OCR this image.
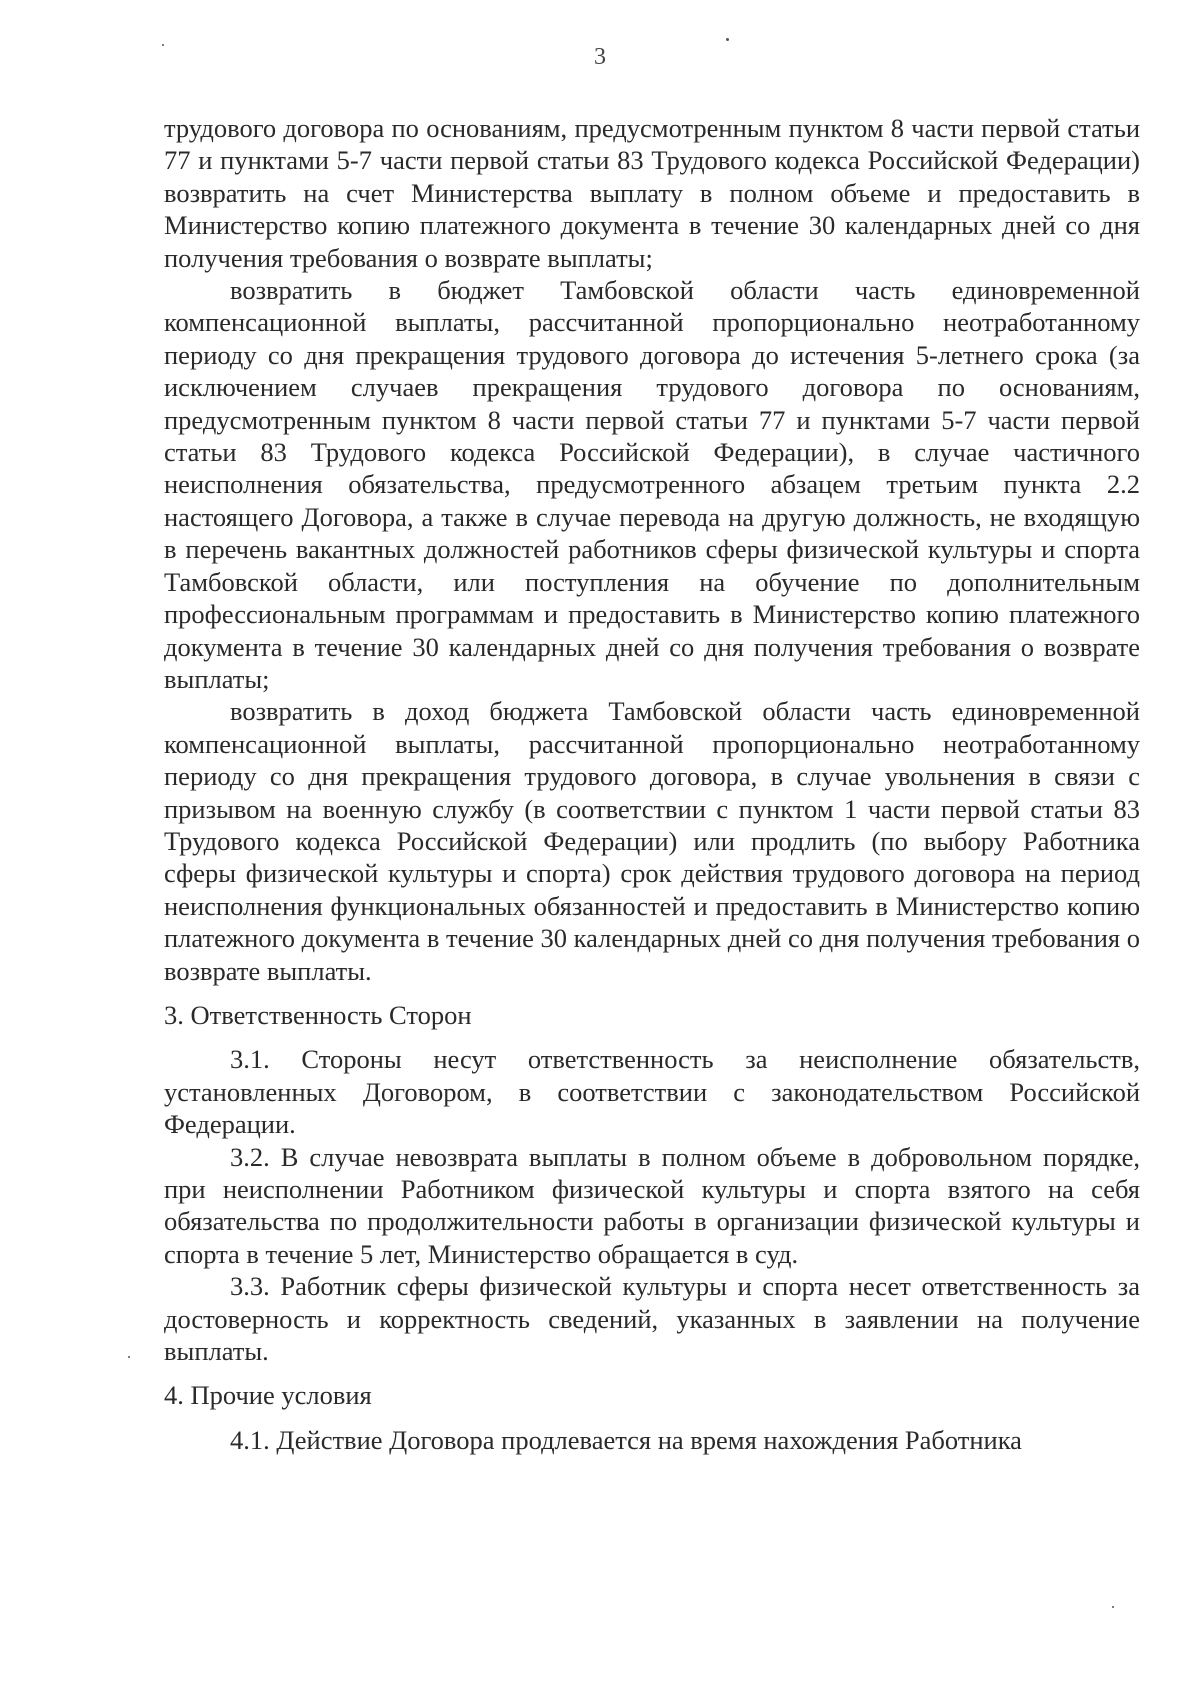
3

трудового договора по основаниям, предусмотренным пунктом 8 части первой статьи 77 и пунктами 5-7 части первой статьи 83 Трудового кодекса Российской Федерации) возвратить на счет Министерства выплату в полном объеме и предоставить в Министерство копию платежного документа в течение 30 календарных дней со дня получения требования о возврате выплаты;

возвратить в бюджет Тамбовской области часть единовременной компенсационной выплаты, рассчитанной пропорционально неотработанному периоду со дня прекращения трудового договора до истечения 5-летнего срока (за исключением случаев прекращения трудового договора по основаниям, предусмотренным пунктом 8 части первой статьи 77 и пунктами 5-7 части первой статьи 83 Трудового кодекса Российской Федерации), в случае частичного неисполнения обязательства, предусмотренного абзацем третьим пункта 2.2 настоящего Договора, а также в случае перевода на другую должность, не входящую в перечень вакантных должностей работников сферы физической культуры и спорта Тамбовской области, или поступления на обучение по дополнительным профессиональным программам и предоставить в Министерство копию платежного документа в течение 30 календарных дней со дня получения требования о возврате выплаты;

возвратить в доход бюджета Тамбовской области часть единовременной компенсационной выплаты, рассчитанной пропорционально неотработанному периоду со дня прекращения трудового договора, в случае увольнения в связи с призывом на военную службу (в соответствии с пунктом 1 части первой статьи 83 Трудового кодекса Российской Федерации) или продлить (по выбору Работника сферы физической культуры и спорта) срок действия трудового договора на период неисполнения функциональных обязанностей и предоставить в Министерство копию платежного документа в течение 30 календарных дней со дня получения требования о возврате выплаты.

3. Ответственность Сторон

3.1. Стороны несут ответственность за неисполнение обязательств, установленных Договором, в соответствии с законодательством Российской Федерации.

3.2. В случае невозврата выплаты в полном объеме в добровольном порядке, при неисполнении Работником физической культуры и спорта взятого на себя обязательства по продолжительности работы в организации физической культуры и спорта в течение 5 лет, Министерство обращается в суд.

3.3. Работник сферы физической культуры и спорта несет ответственность за достоверность и корректность сведений, указанных в заявлении на получение выплаты.

4. Прочие условия

4.1. Действие Договора продлевается на время нахождения Работника
